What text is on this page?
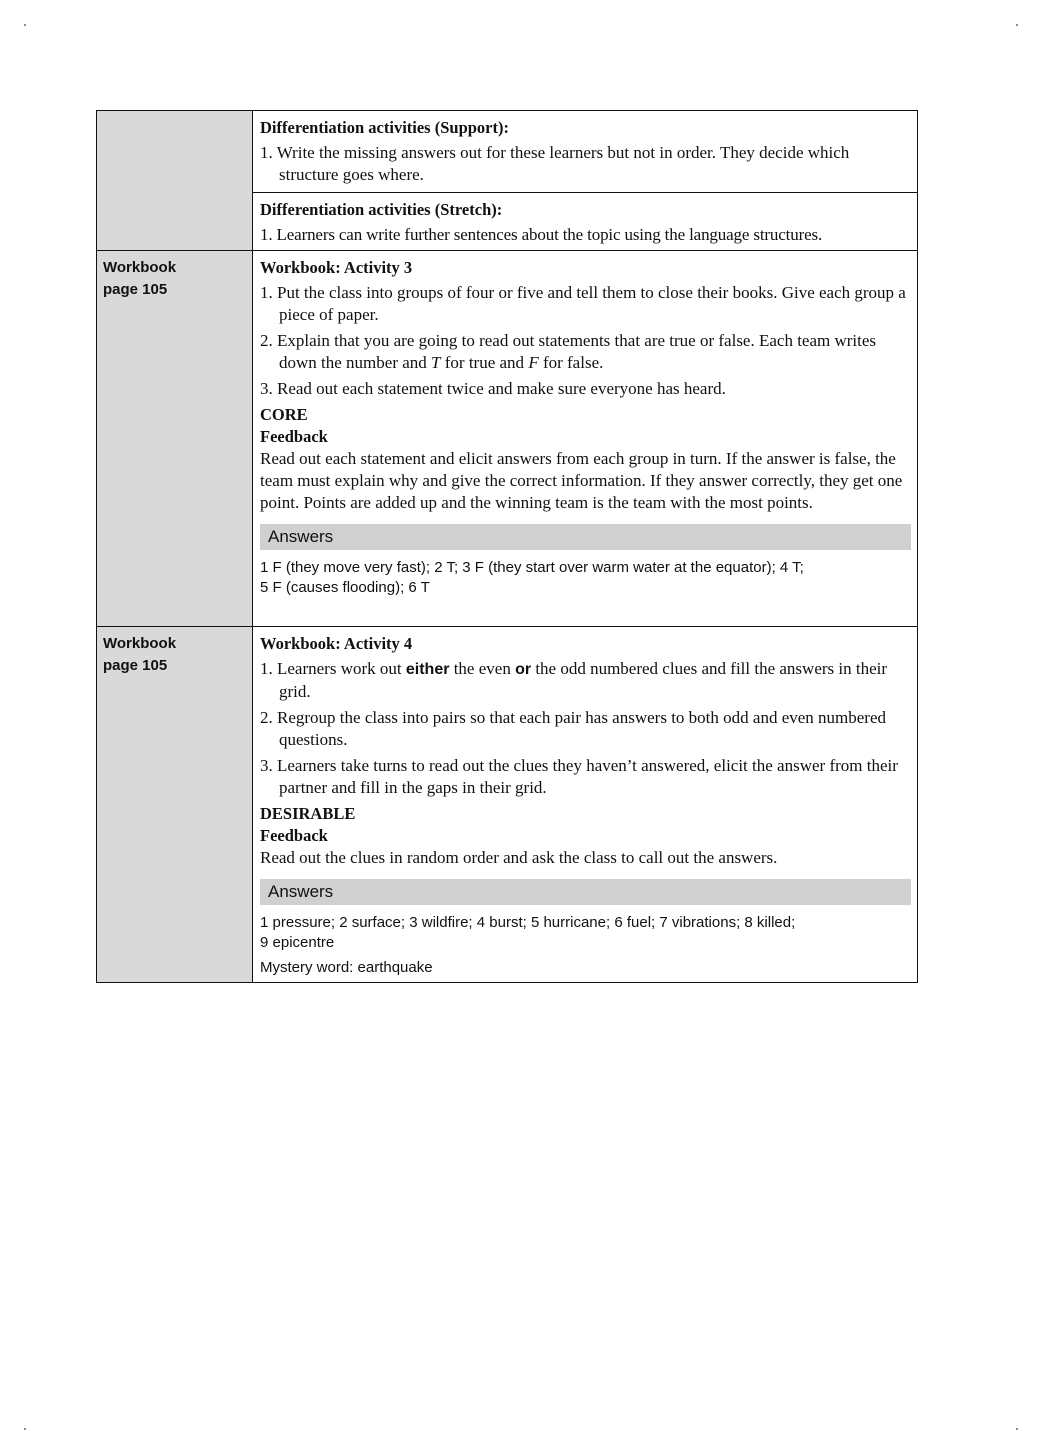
Differentiation activities (Support):
1. Write the missing answers out for these learners but not in order. They decide which structure goes where.
Differentiation activities (Stretch):
1. Learners can write further sentences about the topic using the language structures.
Workbook
page 105
Workbook: Activity 3
1. Put the class into groups of four or five and tell them to close their books. Give each group a piece of paper.
2. Explain that you are going to read out statements that are true or false. Each team writes down the number and T for true and F for false.
3. Read out each statement twice and make sure everyone has heard.
CORE
Feedback
Read out each statement and elicit answers from each group in turn. If the answer is false, the team must explain why and give the correct information. If they answer correctly, they get one point. Points are added up and the winning team is the team with the most points.
Answers
1 F (they move very fast); 2 T; 3 F (they start over warm water at the equator); 4 T;
5 F (causes flooding); 6 T
Workbook
page 105
Workbook: Activity 4
1. Learners work out either the even or the odd numbered clues and fill the answers in their grid.
2. Regroup the class into pairs so that each pair has answers to both odd and even numbered questions.
3. Learners take turns to read out the clues they haven’t answered, elicit the answer from their partner and fill in the gaps in their grid.
DESIRABLE
Feedback
Read out the clues in random order and ask the class to call out the answers.
Answers
1 pressure; 2 surface; 3 wildfire; 4 burst; 5 hurricane; 6 fuel; 7 vibrations; 8 killed;
9 epicentre
Mystery word: earthquake
